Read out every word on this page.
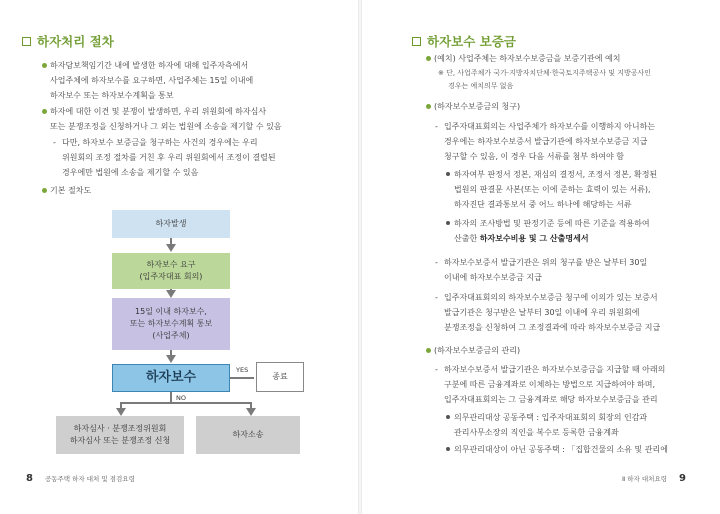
하자처리 절차
하자담보책임기간 내에 발생한 하자에 대해 입주자측에서
사업주체에 하자보수를 요구하면, 사업주체는 15일 이내에
하자보수 또는 하자보수계획을 통보
하자에 대한 이견 및 분쟁이 발생하면, 우리 위원회에 하자심사
또는 분쟁조정을 신청하거나 그 외는 법원에 소송을 제기할 수 있음
- 다만, 하자보수 보증금을 청구하는 사건의 경우에는 우리
위원회의 조정 절차를 거친 후 우리 위원회에서 조정이 결렬된
경우에만 법원에 소송을 제기할 수 있음
기본 절차도
하자발생
하자보수 요구
(입주자대표 회의)
15일 이내 하자보수,
또는 하자보수계획 통보
(사업주체)
하자보수	YES
종료
NO
하자심사 · 분쟁조정위원회
하자심사 또는 분쟁조정 신청
하자소송
8 공동주택 하자 대처 및 점검요령
하자보수 보증금
(예치) 사업주체는 하자보수보증금을 보증기관에 예치
※ 단, 사업주체가 국가·지방자치단체·한국토지주택공사 및 지방공사인
경우는 예치의무 없음
(하자보수보증금의 청구)
- 입주자대표회의는 사업주체가 하자보수를 이행하지 아니하는
경우에는 하자보수보증서 발급기관에 하자보수보증금 지급
청구할 수 있음, 이 경우 다음 서류를 첨부 하여야 함
하자여부 판정서 정본, 재심의 결정서, 조정서 정본, 확정된
법원의 판결문 사본(또는 이에 준하는 효력이 있는 서류),
하자진단 결과통보서 중 어느 하나에 해당하는 서류
하자의 조사방법 및 판정기준 등에 따른 기준을 적용하여
산출한 하자보수비용 및 그 산출명세서
- 하자보수보증서 발급기관은 위의 청구를 받은 날부터 30일
이내에 하자보수보증금 지급
- 입주자대표회의의 하자보수보증금 청구에 이의가 있는 보증서
발급기관은 청구받은 날부터 30일 이내에 우리 위원회에
분쟁조정을 신청하여 그 조정결과에 따라 하자보수보증금 지급
(하자보수보증금의 관리)
- 하자보수보증서 발급기관은 하자보수보증금을 지급할 때 아래의
구분에 따른 금융계좌로 이체하는 방법으로 지급하여야 하며,
입주자대표회의는 그 금융계좌로 해당 하자보수보증금을 관리
의무관리대상 공동주택 : 입주자대표회의 회장의 인감과
관리사무소장의 직인을 복수로 등록한 금융계좌
의무관리대상이 아닌 공동주택 : 「집합건물의 소유 및 관리에
Ⅱ 하자 대처요령 9
